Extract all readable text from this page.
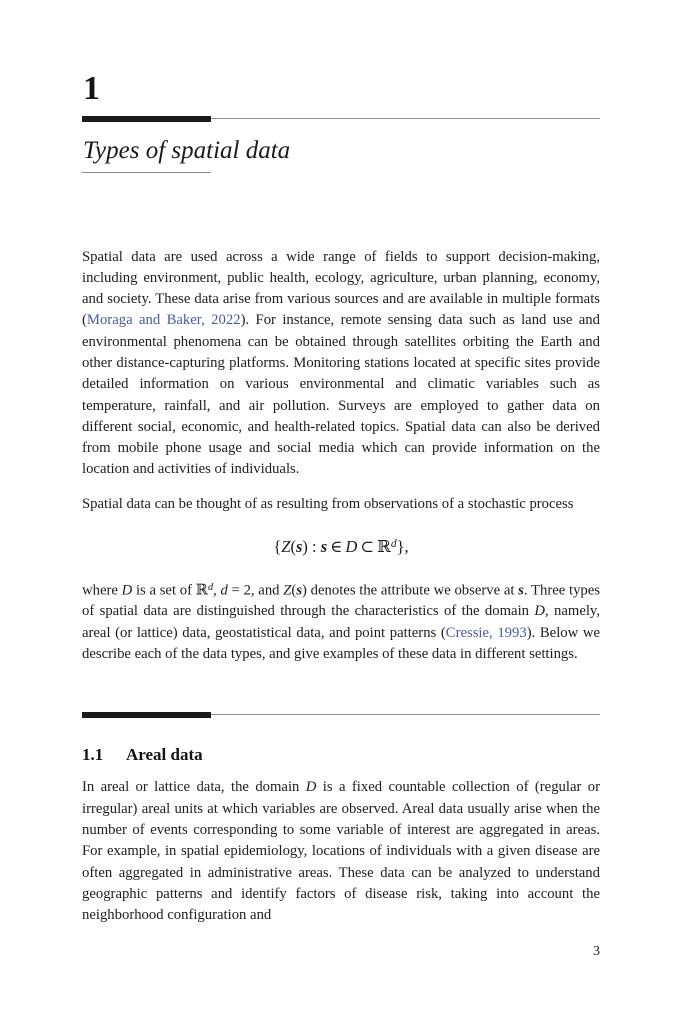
1
Types of spatial data

Spatial data are used across a wide range of fields to support decision-making, including environment, public health, ecology, agriculture, urban planning, economy, and society. These data arise from various sources and are available in multiple formats (Moraga and Baker, 2022). For instance, remote sensing data such as land use and environmental phenomena can be obtained through satellites orbiting the Earth and other distance-capturing platforms. Monitoring stations located at specific sites provide detailed information on various environmental and climatic variables such as temperature, rainfall, and air pollution. Surveys are employed to gather data on different social, economic, and health-related topics. Spatial data can also be derived from mobile phone usage and social media which can provide information on the location and activities of individuals.

Spatial data can be thought of as resulting from observations of a stochastic process

{Z(s) : s ∈ D ⊂ ℝ$^d$},

where D is a set of ℝ$^d$, d = 2, and Z(s) denotes the attribute we observe at s. Three types of spatial data are distinguished through the characteristics of the domain D, namely, areal (or lattice) data, geostatistical data, and point patterns (Cressie, 1993). Below we describe each of the data types, and give examples of these data in different settings.

1.1 Areal data

In areal or lattice data, the domain D is a fixed countable collection of (regular or irregular) areal units at which variables are observed. Areal data usually arise when the number of events corresponding to some variable of interest are aggregated in areas. For example, in spatial epidemiology, locations of individuals with a given disease are often aggregated in administrative areas. These data can be analyzed to understand geographic patterns and identify factors of disease risk, taking into account the neighborhood configuration and

3
